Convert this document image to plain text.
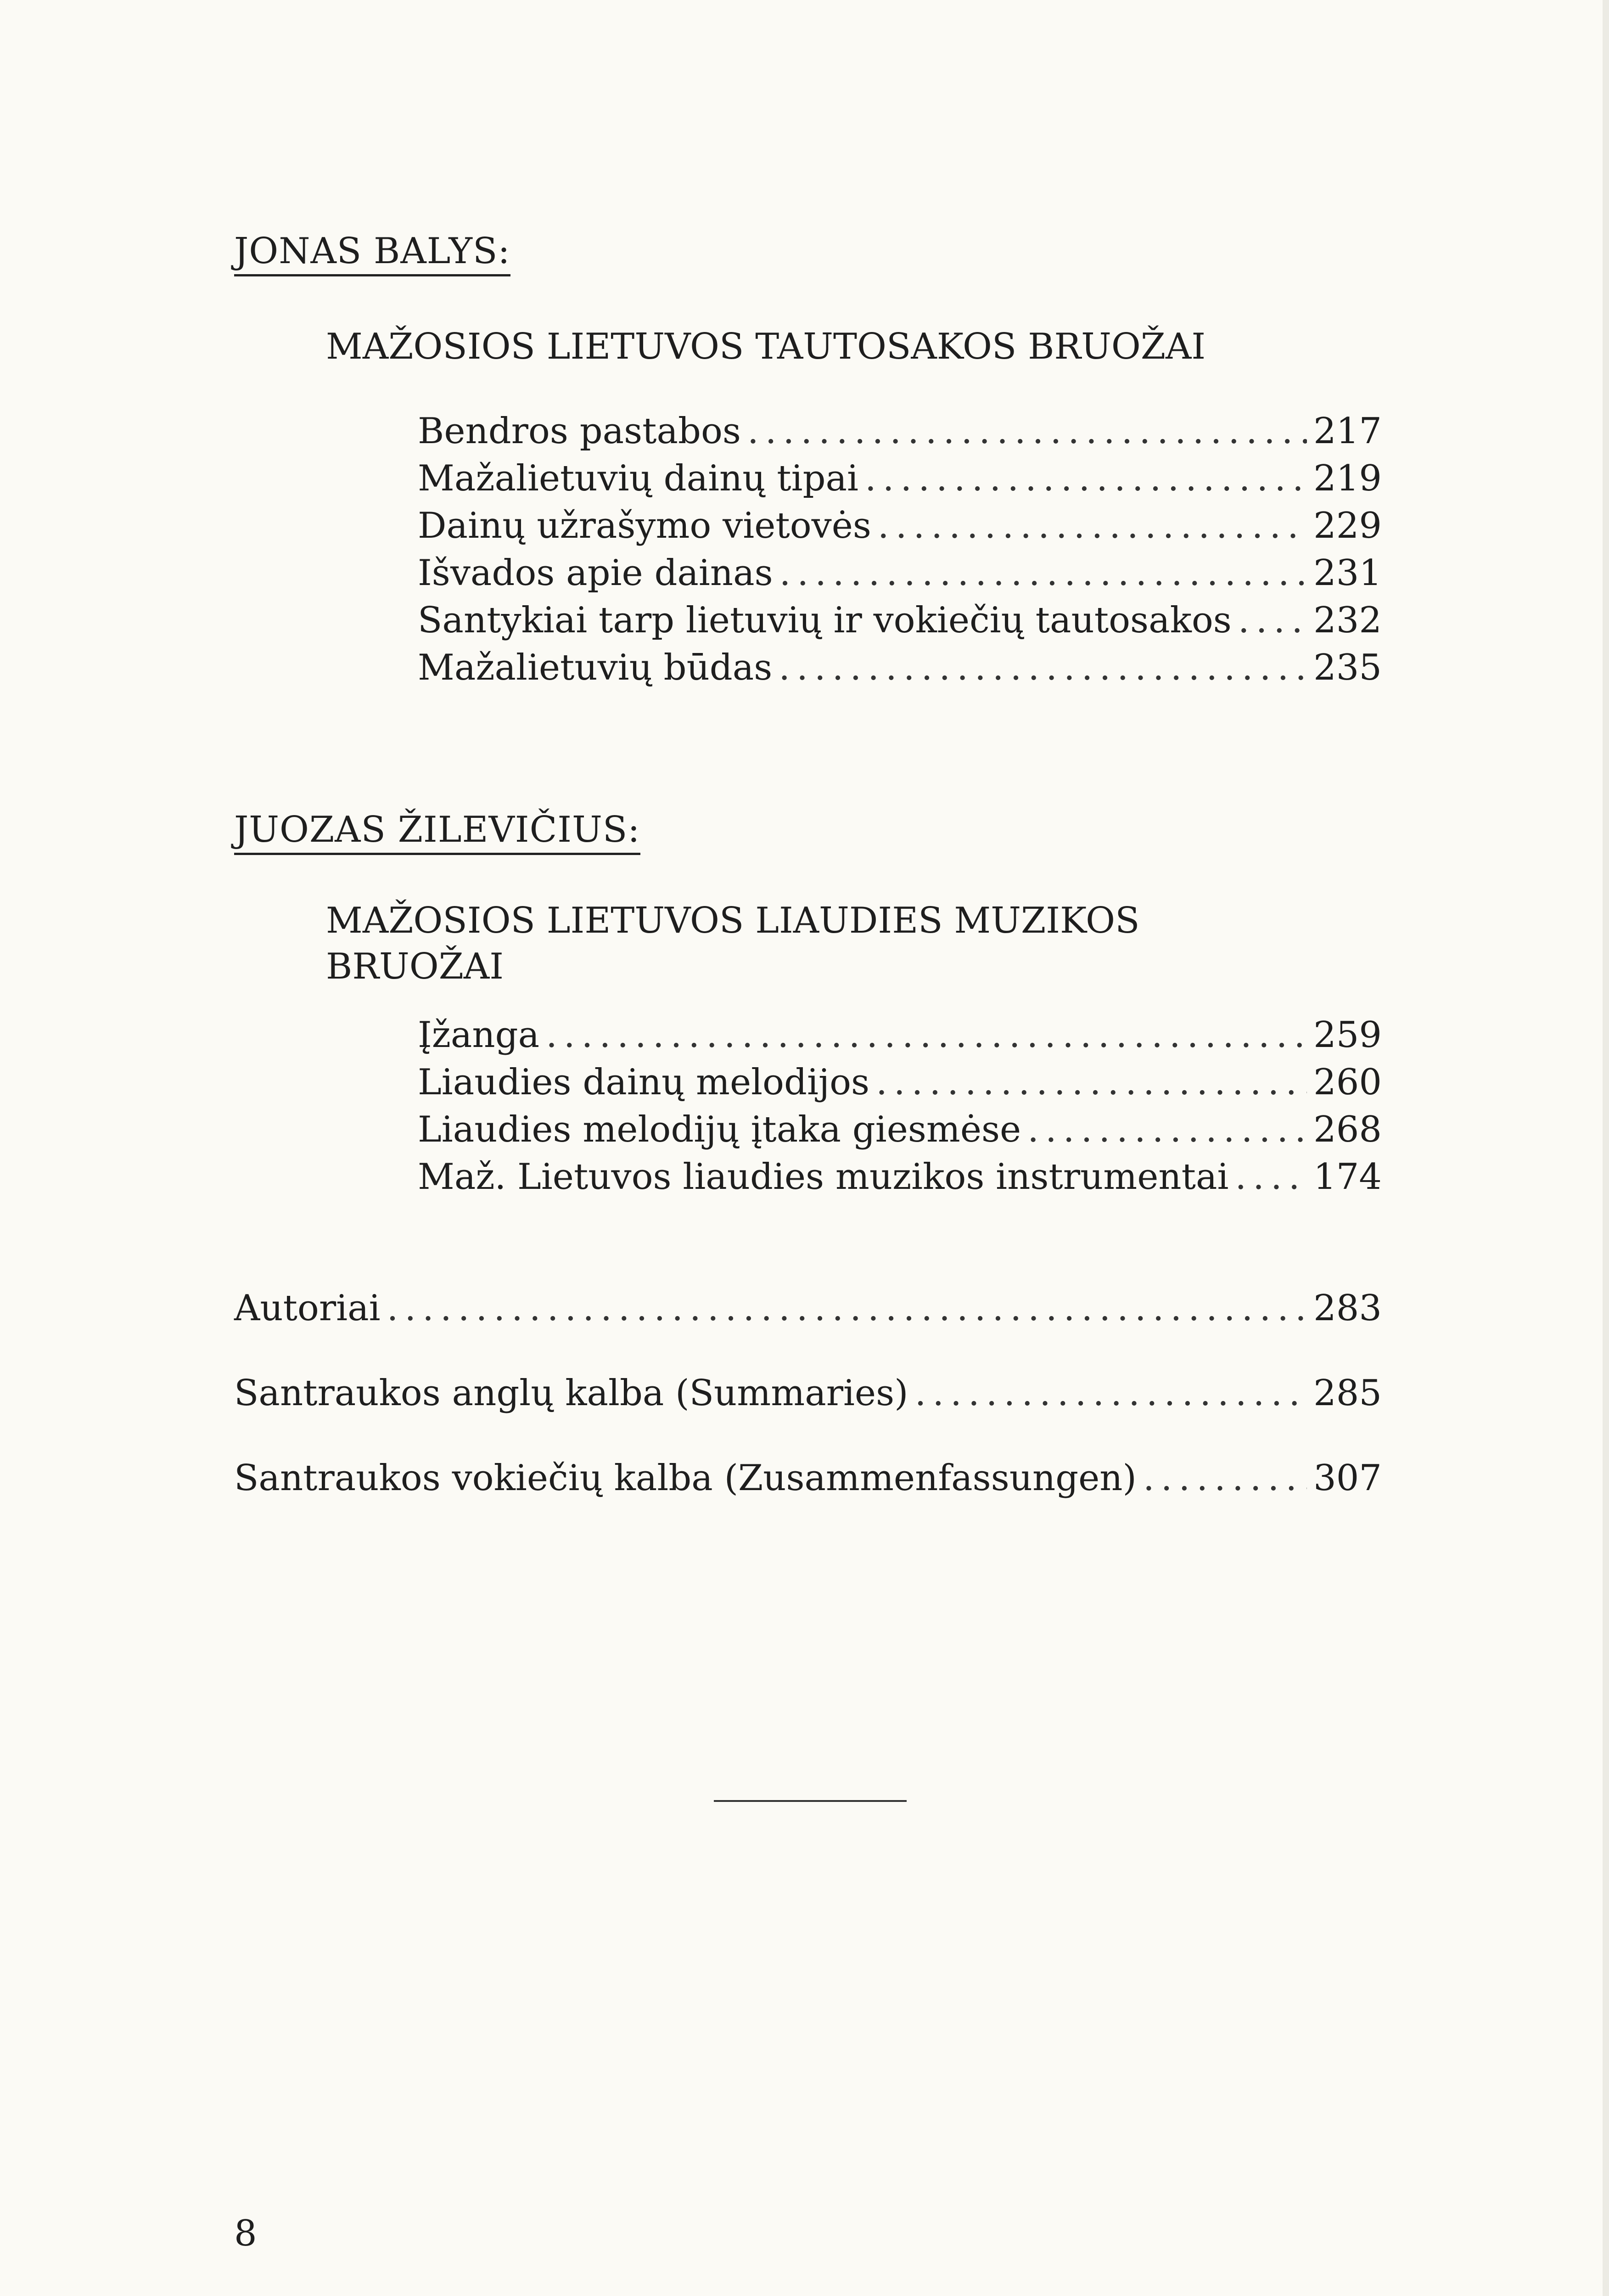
JONAS BALYS:
MAŽOSIOS LIETUVOS TAUTOSAKOS BRUOŽAI
Bendros pastabos .....	217
Mažalietuvių dainų tipai .....	219
Dainų užrašymo vietovės .....	229
Išvados apie dainas .....	231
Santykiai tarp lietuvių ir vokiečių tautosakos ..... 232
Mažalietuvių būdas .....	235
JUOZAS ŽILEVIČIUS:
MAŽOSIOS LIETUVOS LIAUDIES MUZIKOS
BRUOŽAI
Įžanga .....	259
Liaudies dainų melodijos .....	260
Liaudies melodijų įtaka giesmėse .....	268
Maž. Lietuvos liaudies muzikos instrumentai ..... 174
Autoriai .....	283
Santraukos anglų kalba (Summaries) .....	285
Santraukos vokiečių kalba (Zusammenfassungen) .....	307
8
